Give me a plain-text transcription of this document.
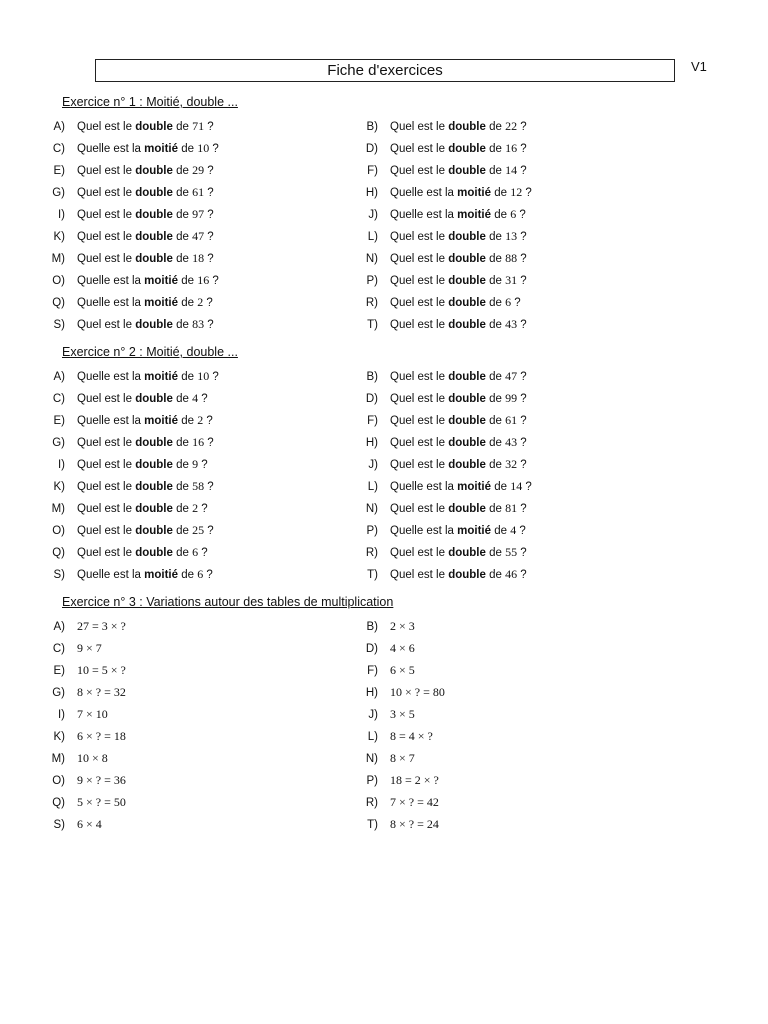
Fiche d'exercices	V1
Exercice n° 1 : Moitié, double ...
A) Quel est le double de 71 ?	B) Quel est le double de 22 ?
C) Quelle est la moitié de 10 ?	D) Quel est le double de 16 ?
E) Quel est le double de 29 ?	F) Quel est le double de 14 ?
G) Quel est le double de 61 ?	H) Quelle est la moitié de 12 ?
I) Quel est le double de 97 ?	J) Quelle est la moitié de 6 ?
K) Quel est le double de 47 ?	L) Quel est le double de 13 ?
M) Quel est le double de 18 ?	N) Quel est le double de 88 ?
O) Quelle est la moitié de 16 ?	P) Quel est le double de 31 ?
Q) Quelle est la moitié de 2 ?	R) Quel est le double de 6 ?
S) Quel est le double de 83 ?	T) Quel est le double de 43 ?
Exercice n° 2 : Moitié, double ...
A) Quelle est la moitié de 10 ?	B) Quel est le double de 47 ?
C) Quel est le double de 4 ?	D) Quel est le double de 99 ?
E) Quelle est la moitié de 2 ?	F) Quel est le double de 61 ?
G) Quel est le double de 16 ?	H) Quel est le double de 43 ?
I) Quel est le double de 9 ?	J) Quel est le double de 32 ?
K) Quel est le double de 58 ?	L) Quelle est la moitié de 14 ?
M) Quel est le double de 2 ?	N) Quel est le double de 81 ?
O) Quel est le double de 25 ?	P) Quelle est la moitié de 4 ?
Q) Quel est le double de 6 ?	R) Quel est le double de 55 ?
S) Quelle est la moitié de 6 ?	T) Quel est le double de 46 ?
Exercice n° 3 : Variations autour des tables de multiplication
A) 27 = 3 × ?	B) 2 × 3
C) 9 × 7	D) 4 × 6
E) 10 = 5 × ?	F) 6 × 5
G) 8 × ? = 32	H) 10 × ? = 80
I) 7 × 10	J) 3 × 5
K) 6 × ? = 18	L) 8 = 4 × ?
M) 10 × 8	N) 8 × 7
O) 9 × ? = 36	P) 18 = 2 × ?
Q) 5 × ? = 50	R) 7 × ? = 42
S) 6 × 4	T) 8 × ? = 24
